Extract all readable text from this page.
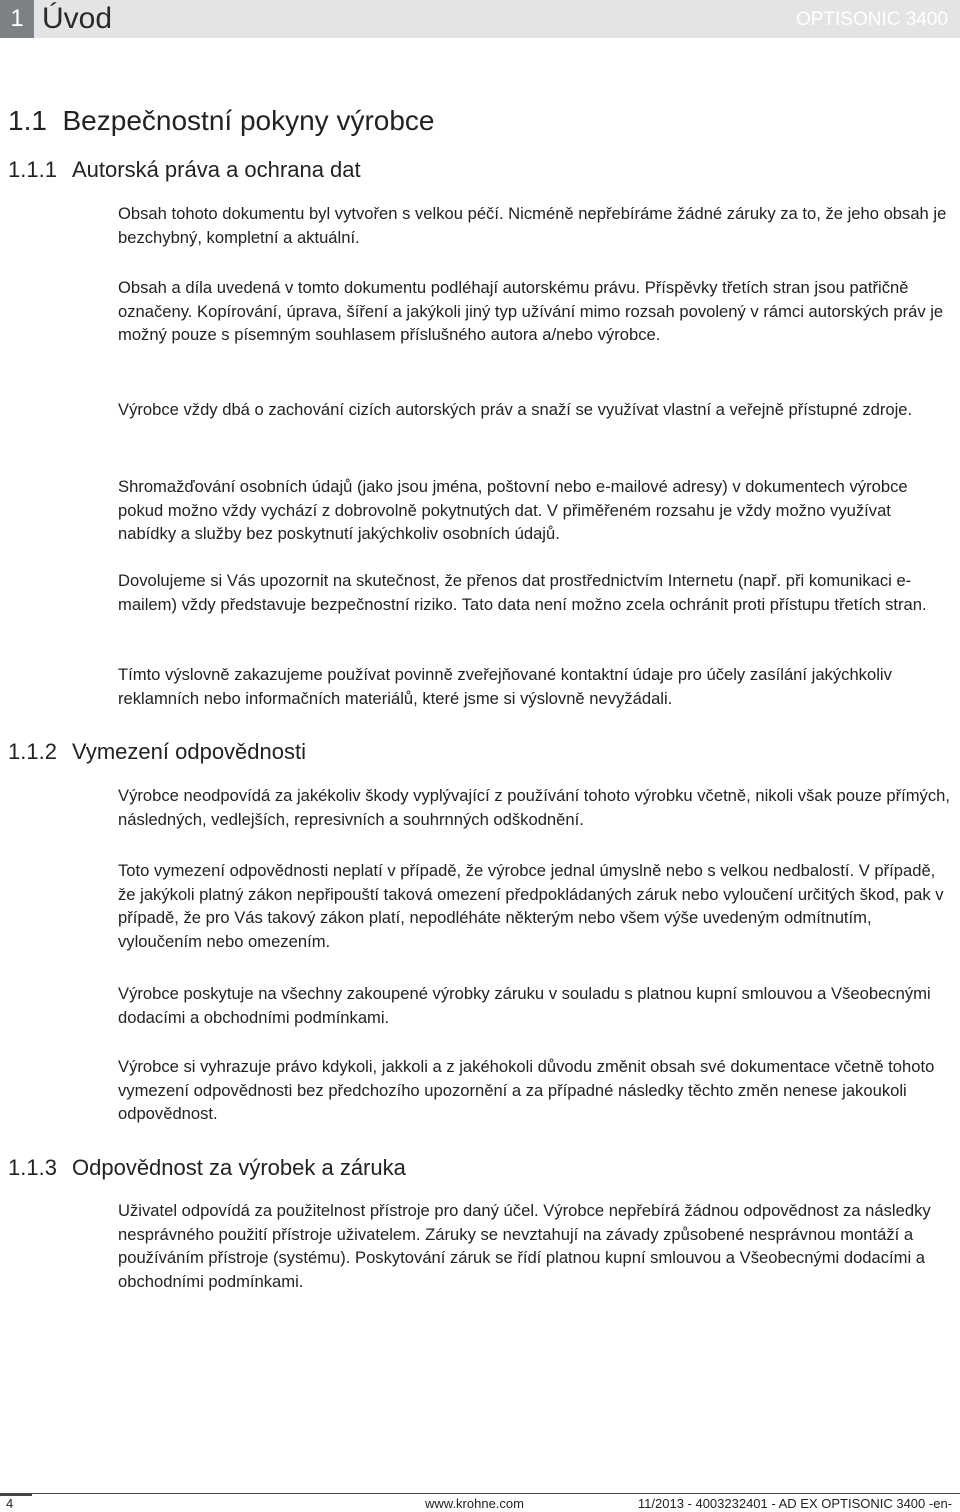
1 Úvod	OPTISONIC 3400
1.1 Bezpečnostní pokyny výrobce
1.1.1 Autorská práva a ochrana dat

Obsah tohoto dokumentu byl vytvořen s velkou péčí. Nicméně nepřebíráme žádné záruky za to, že jeho obsah je bezchybný, kompletní a aktuální.

Obsah a díla uvedená v tomto dokumentu podléhají autorskému právu. Příspěvky třetích stran jsou patřičně označeny. Kopírování, úprava, šíření a jakýkoli jiný typ užívání mimo rozsah povolený v rámci autorských práv je možný pouze s písemným souhlasem příslušného autora a/nebo výrobce.

Výrobce vždy dbá o zachování cizích autorských práv a snaží se využívat vlastní a veřejně přístupné zdroje.

Shromažďování osobních údajů (jako jsou jména, poštovní nebo e-mailové adresy) v dokumentech výrobce pokud možno vždy vychází z dobrovolně pokytnutých dat. V přiměřeném rozsahu je vždy možno využívat nabídky a služby bez poskytnutí jakýchkoliv osobních údajů.

Dovolujeme si Vás upozornit na skutečnost, že přenos dat prostřednictvím Internetu (např. při komunikaci e-mailem) vždy představuje bezpečnostní riziko. Tato data není možno zcela ochránit proti přístupu třetích stran.

Tímto výslovně zakazujeme používat povinně zveřejňované kontaktní údaje pro účely zasílání jakýchkoliv reklamních nebo informačních materiálů, které jsme si výslovně nevyžádali.

1.1.2 Vymezení odpovědnosti

Výrobce neodpovídá za jakékoliv škody vyplývající z používání tohoto výrobku včetně, nikoli však pouze přímých, následných, vedlejších, represivních a souhrnných odškodnění.

Toto vymezení odpovědnosti neplatí v případě, že výrobce jednal úmyslně nebo s velkou nedbalostí. V případě, že jakýkoli platný zákon nepřipouští taková omezení předpokládaných záruk nebo vyloučení určitých škod, pak v případě, že pro Vás takový zákon platí, nepodléháte některým nebo všem výše uvedeným odmítnutím, vyloučením nebo omezením.

Výrobce poskytuje na všechny zakoupené výrobky záruku v souladu s platnou kupní smlouvou a Všeobecnými dodacími a obchodními podmínkami.

Výrobce si vyhrazuje právo kdykoli, jakkoli a z jakéhokoli důvodu změnit obsah své dokumentace včetně tohoto vymezení odpovědnosti bez předchozího upozornění a za případné následky těchto změn nenese jakoukoli odpovědnost.

1.1.3 Odpovědnost za výrobek a záruka

Uživatel odpovídá za použitelnost přístroje pro daný účel. Výrobce nepřebírá žádnou odpovědnost za následky nesprávného použití přístroje uživatelem. Záruky se nevztahují na závady způsobené nesprávnou montáží a používáním přístroje (systému). Poskytování záruk se řídí platnou kupní smlouvou a Všeobecnými dodacími a obchodními podmínkami.

4	www.krohne.com	11/2013 - 4003232401 - AD EX OPTISONIC 3400 -en-
